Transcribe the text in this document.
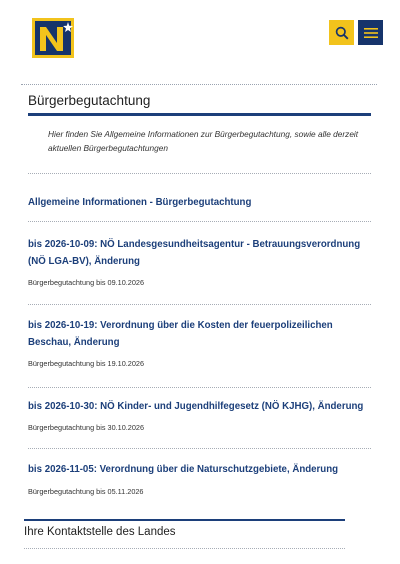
Bürgerbegutachtung
Hier finden Sie Allgemeine Informationen zur Bürgerbegutachtung, sowie alle derzeit aktuellen Bürgerbegutachtungen
Allgemeine Informationen - Bürgerbegutachtung
bis 2026-10-09: NÖ Landesgesundheitsagentur - Betrauungsverordnung (NÖ LGA-BV), Änderung
Bürgerbegutachtung bis 09.10.2026
bis 2026-10-19: Verordnung über die Kosten der feuerpolizeilichen Beschau, Änderung
Bürgerbegutachtung bis 19.10.2026
bis 2026-10-30: NÖ Kinder- und Jugendhilfegesetz (NÖ KJHG), Änderung
Bürgerbegutachtung bis 30.10.2026
bis 2026-11-05: Verordnung über die Naturschutzgebiete, Änderung
Bürgerbegutachtung bis 05.11.2026
Ihre Kontaktstelle des Landes
